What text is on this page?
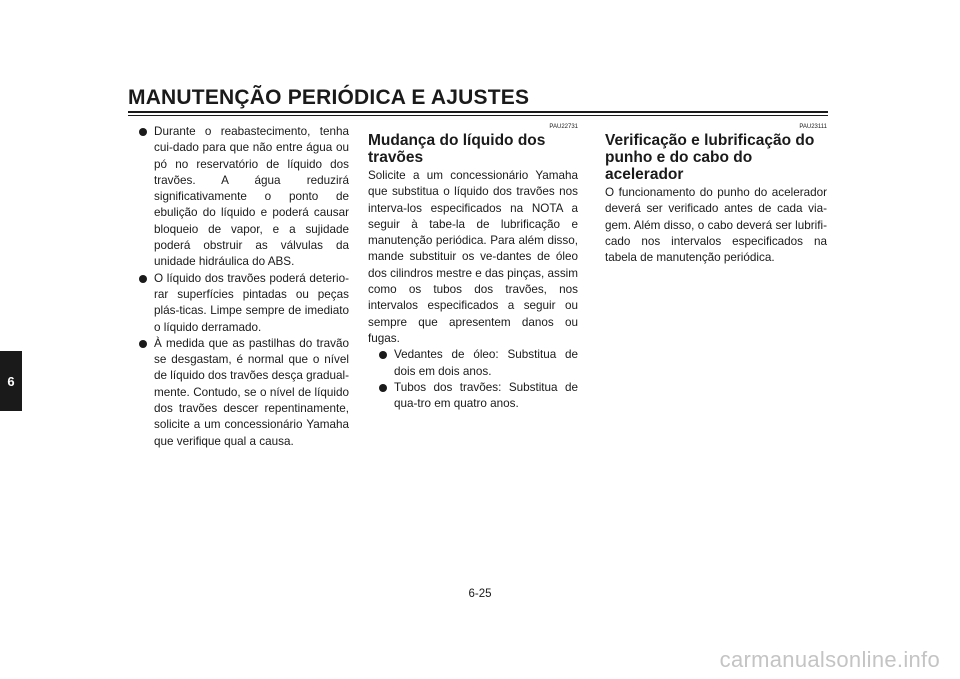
MANUTENÇÃO PERIÓDICA E AJUSTES
6
Durante o reabastecimento, tenha cui-dado para que não entre água ou pó no reservatório de líquido dos travões. A água reduzirá significativamente o ponto de ebulição do líquido e poderá causar bloqueio de vapor, e a sujidade poderá obstruir as válvulas da unidade hidráulica do ABS.
O líquido dos travões poderá deterio-rar superfícies pintadas ou peças plás-ticas. Limpe sempre de imediato o líquido derramado.
À medida que as pastilhas do travão se desgastam, é normal que o nível de líquido dos travões desça gradual-mente. Contudo, se o nível de líquido dos travões descer repentinamente, solicite a um concessionário Yamaha que verifique qual a causa.
PAU22731
Mudança do líquido dos travões

Solicite a um concessionário Yamaha que substitua o líquido dos travões nos interva-los especificados na NOTA a seguir à tabe-la de lubrificação e manutenção periódica. Para além disso, mande substituir os ve-dantes de óleo dos cilindros mestre e das pinças, assim como os tubos dos travões, nos intervalos especificados a seguir ou sempre que apresentem danos ou fugas.

Vedantes de óleo: Substitua de dois em dois anos.
Tubos dos travões: Substitua de qua-tro em quatro anos.
PAU23111
Verificação e lubrificação do punho e do cabo do acelerador

O funcionamento do punho do acelerador deverá ser verificado antes de cada via-gem. Além disso, o cabo deverá ser lubrifi-cado nos intervalos especificados na tabela de manutenção periódica.

6-25
carmanualsonline.info
